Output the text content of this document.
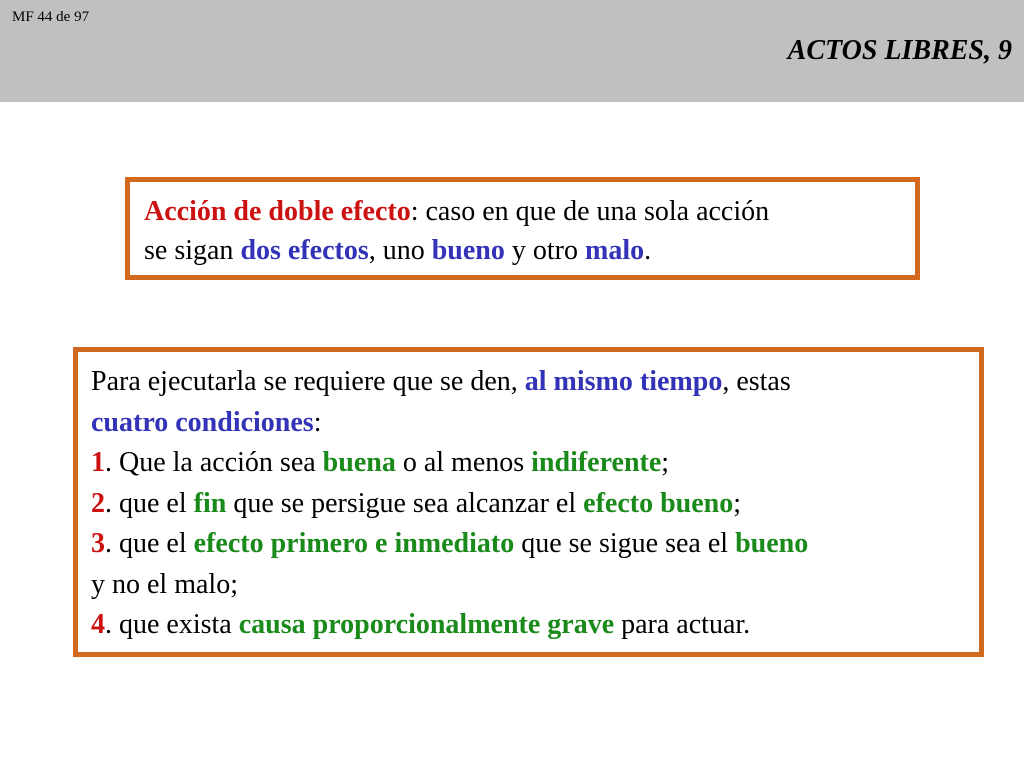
MF 44 de 97
ACTOS LIBRES, 9
Acción de doble efecto: caso en que de una sola acción
se sigan dos efectos, uno bueno y otro malo.
Para ejecutarla se requiere que se den, al mismo tiempo, estas
cuatro condiciones:
1. Que la acción sea buena o al menos indiferente;
2. que el fin que se persigue sea alcanzar el efecto bueno;
3. que el efecto primero e inmediato que se sigue sea el bueno
y no el malo;
4. que exista causa proporcionalmente grave para actuar.
